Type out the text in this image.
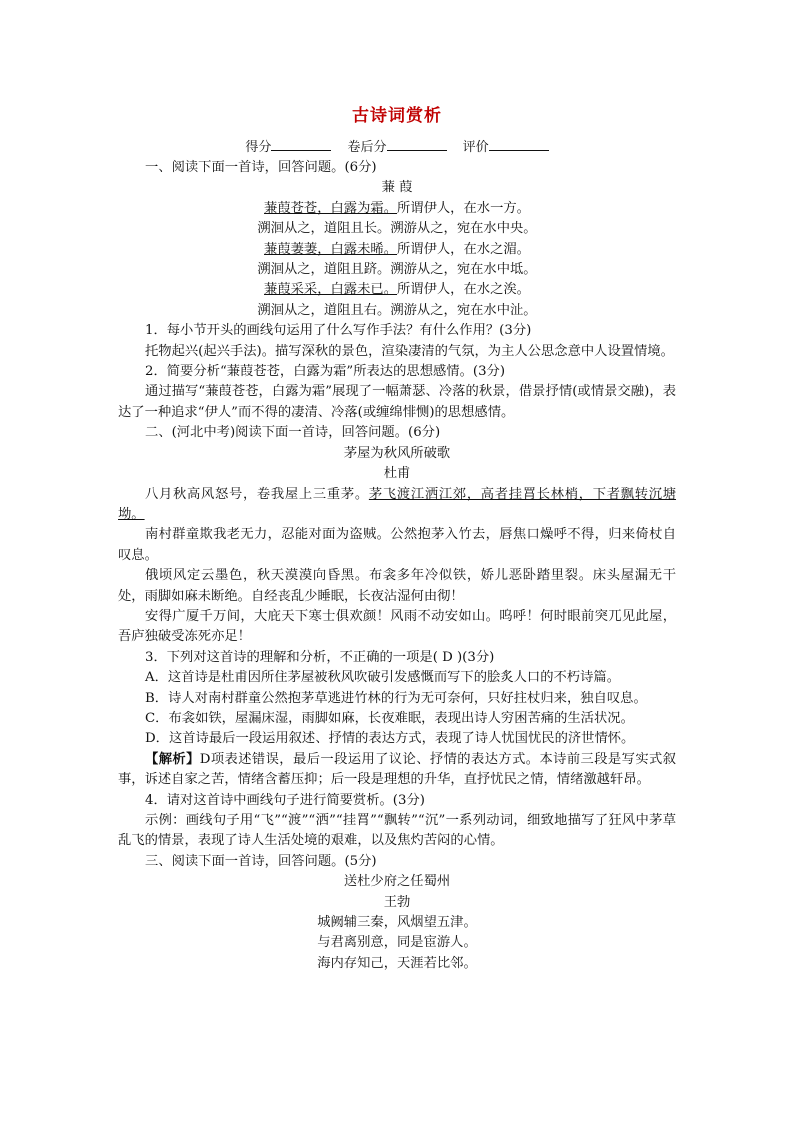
古诗词赏析
得分	卷后分	评价
一、阅读下面一首诗，回答问题。(6分)
蒹 葭
蒹葭苍苍，白露为霜。所谓伊人，在水一方。
溯洄从之，道阻且长。溯游从之，宛在水中央。
蒹葭萋萋，白露未晞。所谓伊人，在水之湄。
溯洄从之，道阻且跻。溯游从之，宛在水中坻。
蒹葭采采，白露未已。所谓伊人，在水之涘。
溯洄从之，道阻且右。溯游从之，宛在水中沚。
1．每小节开头的画线句运用了什么写作手法？有什么作用？(3分)
托物起兴(起兴手法)。描写深秋的景色，渲染凄清的气氛，为主人公思念意中人设置情境。
2．简要分析“蒹葭苍苍，白露为霜”所表达的思想感情。(3分)
通过描写“蒹葭苍苍，白露为霜”展现了一幅萧瑟、冷落的秋景，借景抒情(或情景交融)，表达了一种追求“伊人”而不得的凄清、冷落(或缠绵悱恻)的思想感情。
二、(河北中考)阅读下面一首诗，回答问题。(6分)
茅屋为秋风所破歌
杜甫
八月秋高风怒号，卷我屋上三重茅。茅飞渡江洒江郊，高者挂罥长林梢，下者飘转沉塘坳。
南村群童欺我老无力，忍能对面为盗贼。公然抱茅入竹去，唇焦口燥呼不得，归来倚杖自叹息。
俄顷风定云墨色，秋天漠漠向昏黑。布衾多年冷似铁，娇儿恶卧踏里裂。床头屋漏无干处，雨脚如麻未断绝。自经丧乱少睡眠，长夜沾湿何由彻！
安得广厦千万间，大庇天下寒士俱欢颜！风雨不动安如山。呜呼！何时眼前突兀见此屋，吾庐独破受冻死亦足！
3．下列对这首诗的理解和分析，不正确的一项是( D )(3分)
A．这首诗是杜甫因所住茅屋被秋风吹破引发感慨而写下的脍炙人口的不朽诗篇。
B．诗人对南村群童公然抱茅草逃进竹林的行为无可奈何，只好拄杖归来，独自叹息。
C．布衾如铁，屋漏床湿，雨脚如麻，长夜难眠，表现出诗人穷困苦痛的生活状况。
D．这首诗最后一段运用叙述、抒情的表达方式，表现了诗人忧国忧民的济世情怀。
【解析】D项表述错误，最后一段运用了议论、抒情的表达方式。本诗前三段是写实式叙事，诉述自家之苦，情绪含蓄压抑；后一段是理想的升华，直抒忧民之情，情绪激越轩昂。
4．请对这首诗中画线句子进行简要赏析。(3分)
示例：画线句子用“飞”“渡”“洒”“挂罥”“飘转”“沉”一系列动词，细致地描写了狂风中茅草乱飞的情景，表现了诗人生活处境的艰难，以及焦灼苦闷的心情。
三、阅读下面一首诗，回答问题。(5分)
送杜少府之任蜀州
王勃
城阙辅三秦，风烟望五津。
与君离别意，同是宦游人。
海内存知己，天涯若比邻。
